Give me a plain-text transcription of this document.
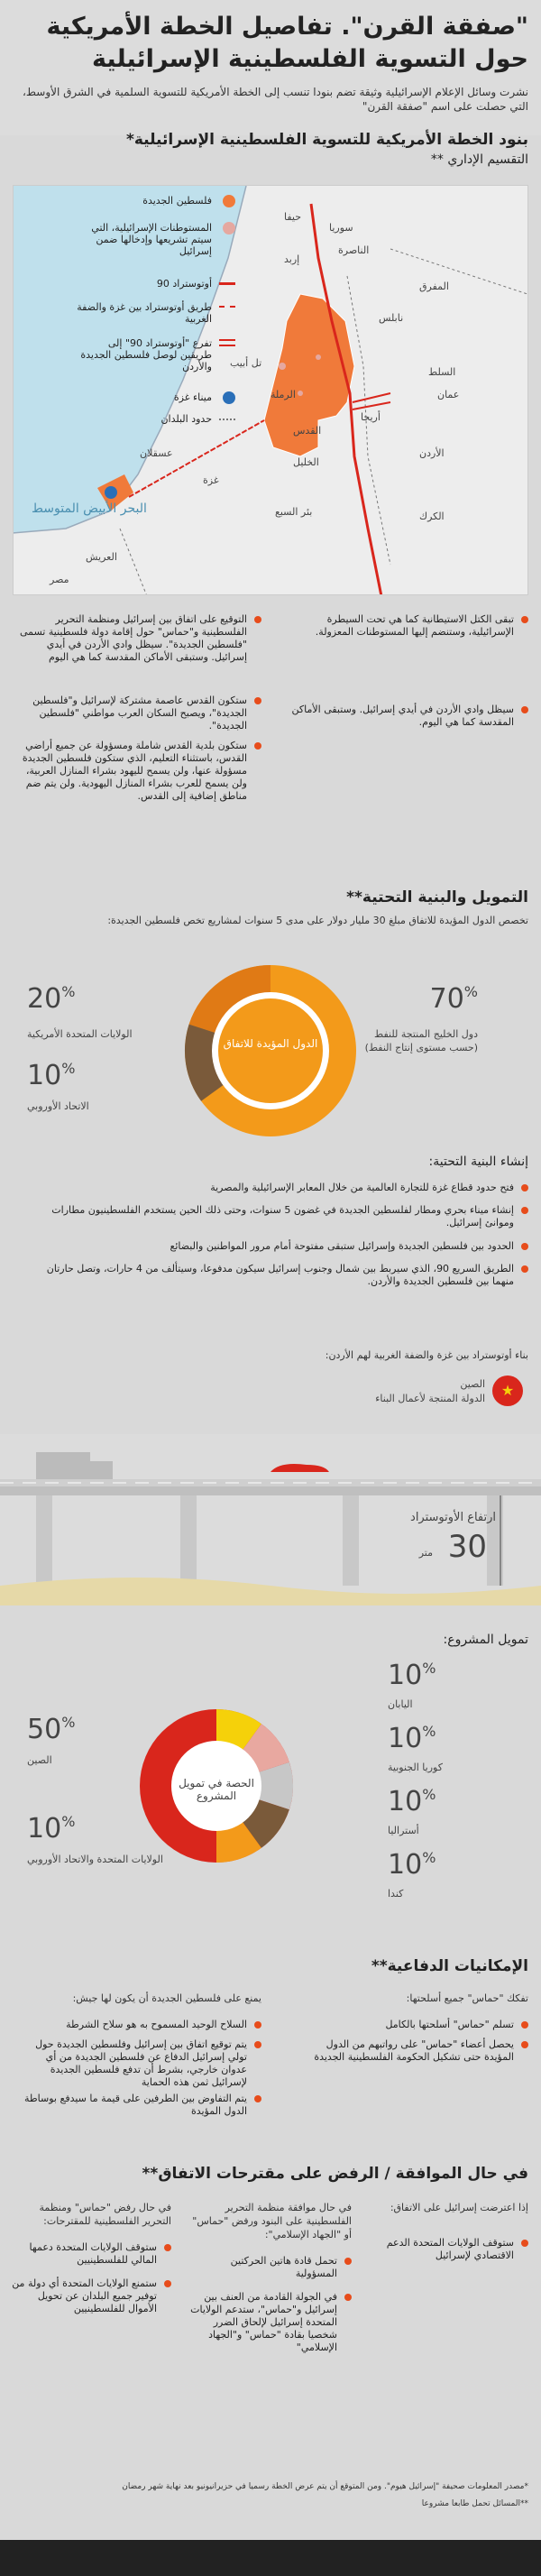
"صفقة القرن". تفاصيل الخطة الأمريكية حول التسوية الفلسطينية الإسرائيلية

نشرت وسائل الإعلام الإسرائيلية وثيقة تضم بنودا تنسب إلى الخطة الأمريكية للتسوية السلمية في الشرق الأوسط، التي حصلت على اسم "صفقة القرن"

بنود الخطة الأمريكية للتسوية الفلسطينية الإسرائيلية*
التقسيم الإداري **
سوريا
حيفا
الناصرة
إربد
المفرق
نابلس
تل أبيب
الرملة
السلط
عمان
أريحا
القدس
الأردن
غزة
عسقلان
الخليل
بئر السبع	الكرك
البحر الأبيض المتوسط
العريش
مصر
فلسطين الجديدة
المستوطنات الإسرائيلية، التي سيتم تشريعها وإدخالها ضمن إسرائيل
أوتوستراد 90
طريق أوتوستراد بين غزة والضفة الغربية
تفرع "أوتوستراد 90" إلى طريقين لوصل فلسطين الجديدة والأردن
ميناء غزة
حدود البلدان
تبقى الكتل الاستيطانية كما هي تحت السيطرة الإسرائيلية، وستنضم إليها المستوطنات المعزولة.
التوقيع على اتفاق بين إسرائيل ومنظمة التحرير الفلسطينية و"حماس" حول إقامة دولة فلسطينية تسمى "فلسطين الجديدة". سيظل وادي الأردن في أيدي إسرائيل. وستبقى الأماكن المقدسة كما هي اليوم
سيظل وادي الأردن في أيدي إسرائيل. وستبقى الأماكن المقدسة كما هي اليوم.
ستكون القدس عاصمة مشتركة لإسرائيل و"فلسطين الجديدة"، ويصبح السكان العرب مواطني "فلسطين الجديدة".
ستكون بلدية القدس شاملة ومسؤولة عن جميع أراضي القدس، باستثناء التعليم، الذي ستكون فلسطين الجديدة مسؤولة عنها، ولن يسمح لليهود بشراء المنازل العربية، ولن يسمح للعرب بشراء المنازل اليهودية. ولن يتم ضم مناطق إضافية إلى القدس.
التمويل والبنية التحتية**
تخصص الدول المؤيدة للاتفاق مبلغ 30 مليار دولار على مدى 5 سنوات لمشاريع تخص فلسطين الجديدة:
الدول المؤيدة للاتفاق
70%
دول الخليج المنتجة للنفط
(حسب مستوى إنتاج النفط)
20%
الولايات المتحدة الأمريكية
10%
الاتحاد الأوروبي
إنشاء البنية التحتية:
فتح حدود قطاع غزة للتجارة العالمية من خلال المعابر الإسرائيلية والمصرية
إنشاء ميناء بحري ومطار لفلسطين الجديدة في غضون 5 سنوات، وحتى ذلك الحين يستخدم الفلسطينيون مطارات وموانئ إسرائيل.
الحدود بين فلسطين الجديدة وإسرائيل ستبقى مفتوحة أمام مرور المواطنين والبضائع
الطريق السريع 90، الذي سيربط بين شمال وجنوب إسرائيل سيكون مدفوعا، وسيتألف من 4 حارات، وتصل حارتان منهما بين فلسطين الجديدة والأردن.
بناء أوتوستراد بين غزة والضفة الغربية لهم الأردن:
★
الصين
الدولة المنتجة لأعمال البناء
ارتفاع الأوتوستراد
30
متر
تمويل المشروع:
الحصة في تمويل المشروع
50%
الصين
10%
اليابان
10%
كوريا الجنوبية
10%
أستراليا
10%
كندا
10%
الولايات المتحدة والاتحاد الأوروبي
الإمكانيات الدفاعية**
تفكك "حماس" جميع أسلحتها:
تسلم "حماس" أسلحتها بالكامل
يحصل أعضاء "حماس" على رواتبهم من الدول المؤيدة حتى تشكيل الحكومة الفلسطينية الجديدة
يمنع على فلسطين الجديدة أن يكون لها جيش:
السلاح الوحيد المسموح به هو سلاح الشرطة
يتم توقيع اتفاق بين إسرائيل وفلسطين الجديدة حول تولي إسرائيل الدفاع عن فلسطين الجديدة من أي عدوان خارجي، بشرط أن تدفع فلسطين الجديدة لإسرائيل ثمن هذه الحماية
يتم التفاوض بين الطرفين على قيمة ما سيدفع بوساطة الدول المؤيدة
في حال الموافقة / الرفض على مقترحات الاتفاق**
إذا اعترضت إسرائيل على الاتفاق:
ستوقف الولايات المتحدة الدعم الاقتصادي لإسرائيل
في حال موافقة منظمة التحرير الفلسطينية على البنود ورفض "حماس" أو "الجهاد الإسلامي":
تحمل قادة هاتين الحركتين المسؤولية
في الجولة القادمة من العنف بين إسرائيل و"حماس"، ستدعم الولايات المتحدة إسرائيل لإلحاق الضرر شخصيا بقادة "حماس" و"الجهاد الإسلامي"
في حال رفض "حماس" ومنظمة التحرير الفلسطينية للمقترحات:
ستوقف الولايات المتحدة دعمها المالي للفلسطينيين
ستمنع الولايات المتحدة أي دولة من توفير جميع البلدان عن تحويل الأموال للفلسطينيين
*مصدر المعلومات صحيفة "إسرائيل هيوم". ومن المتوقع أن يتم عرض الخطة رسميا في حزيرانيونيو بعد نهاية شهر رمضان
**المسائل تحمل طابعا مشروعا
